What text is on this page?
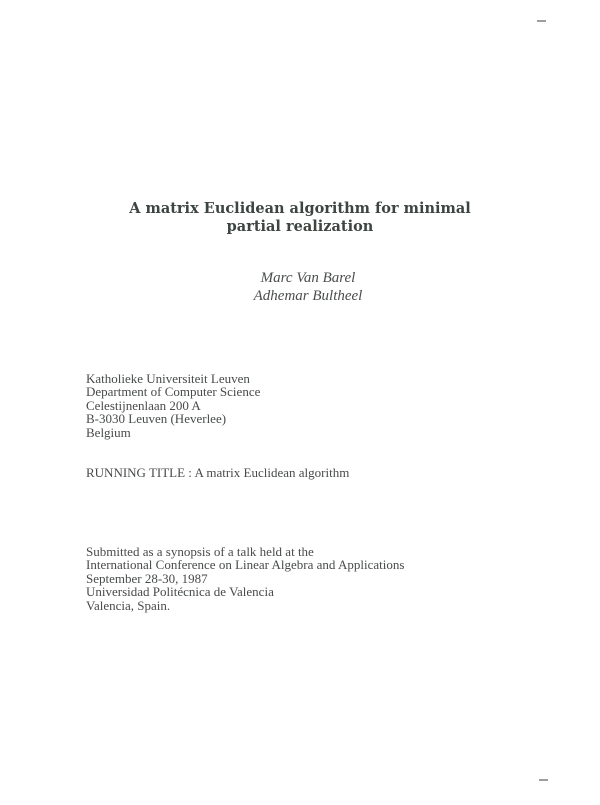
A matrix Euclidean algorithm for minimal
partial realization
Marc Van Barel
Adhemar Bultheel
Katholieke Universiteit Leuven
Department of Computer Science
Celestijnenlaan 200 A
B-3030 Leuven (Heverlee)
Belgium
RUNNING TITLE : A matrix Euclidean algorithm
Submitted as a synopsis of a talk held at the
International Conference on Linear Algebra and Applications
September 28-30, 1987
Universidad Politécnica de Valencia
Valencia, Spain.
